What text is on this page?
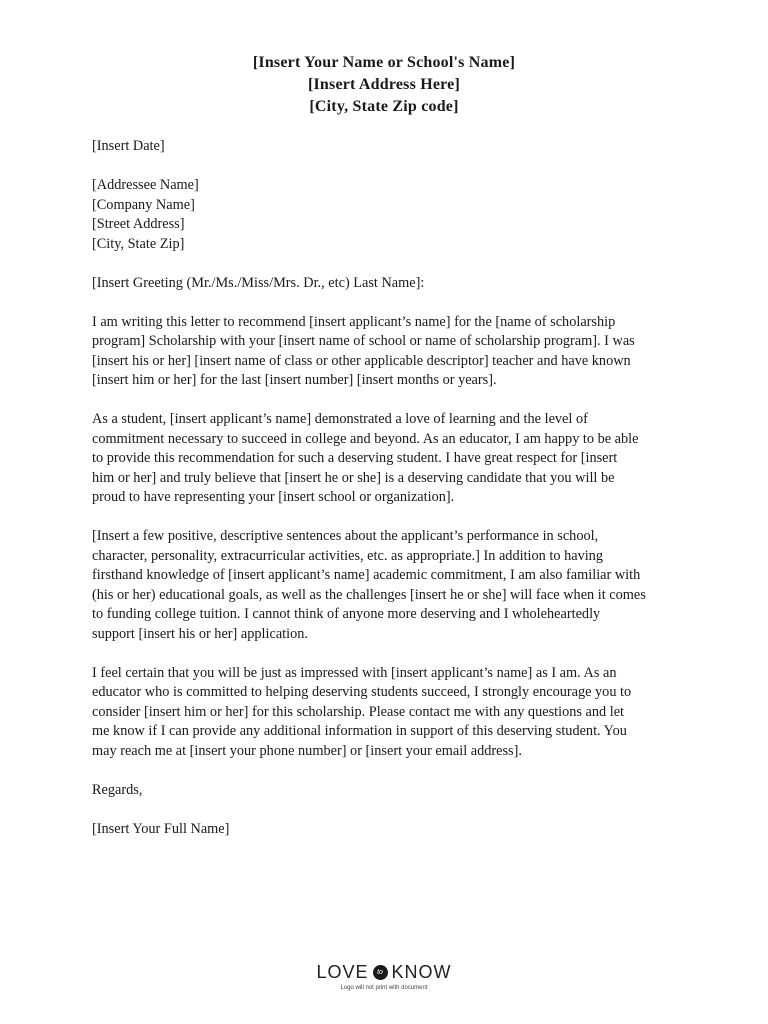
[Insert Your Name or School's Name]
[Insert Address Here]
[City, State Zip code]
[Insert Date]
[Addressee Name]
[Company Name]
[Street Address]
[City, State Zip]
[Insert Greeting (Mr./Ms./Miss/Mrs. Dr., etc) Last Name]:
I am writing this letter to recommend [insert applicant’s name] for the [name of scholarship
program] Scholarship with your [insert name of school or name of scholarship program]. I was
[insert his or her] [insert name of class or other applicable descriptor] teacher and have known
[insert him or her] for the last [insert number] [insert months or years].
As a student, [insert applicant’s name] demonstrated a love of learning and the level of
commitment necessary to succeed in college and beyond. As an educator, I am happy to be able
to provide this recommendation for such a deserving student. I have great respect for [insert
him or her] and truly believe that [insert he or she] is a deserving candidate that you will be
proud to have representing your [insert school or organization].
[Insert a few positive, descriptive sentences about the applicant’s performance in school,
character, personality, extracurricular activities, etc. as appropriate.] In addition to having
firsthand knowledge of [insert applicant’s name] academic commitment, I am also familiar with
(his or her) educational goals, as well as the challenges [insert he or she] will face when it comes
to funding college tuition. I cannot think of anyone more deserving and I wholeheartedly
support [insert his or her] application.
I feel certain that you will be just as impressed with [insert applicant’s name] as I am. As an
educator who is committed to helping deserving students succeed, I strongly encourage you to
consider [insert him or her] for this scholarship. Please contact me with any questions and let
me know if I can provide any additional information in support of this deserving student. You
may reach me at [insert your phone number] or [insert your email address].
Regards,
[Insert Your Full Name]
LOVE	to KNOW
Logo will not print with document
